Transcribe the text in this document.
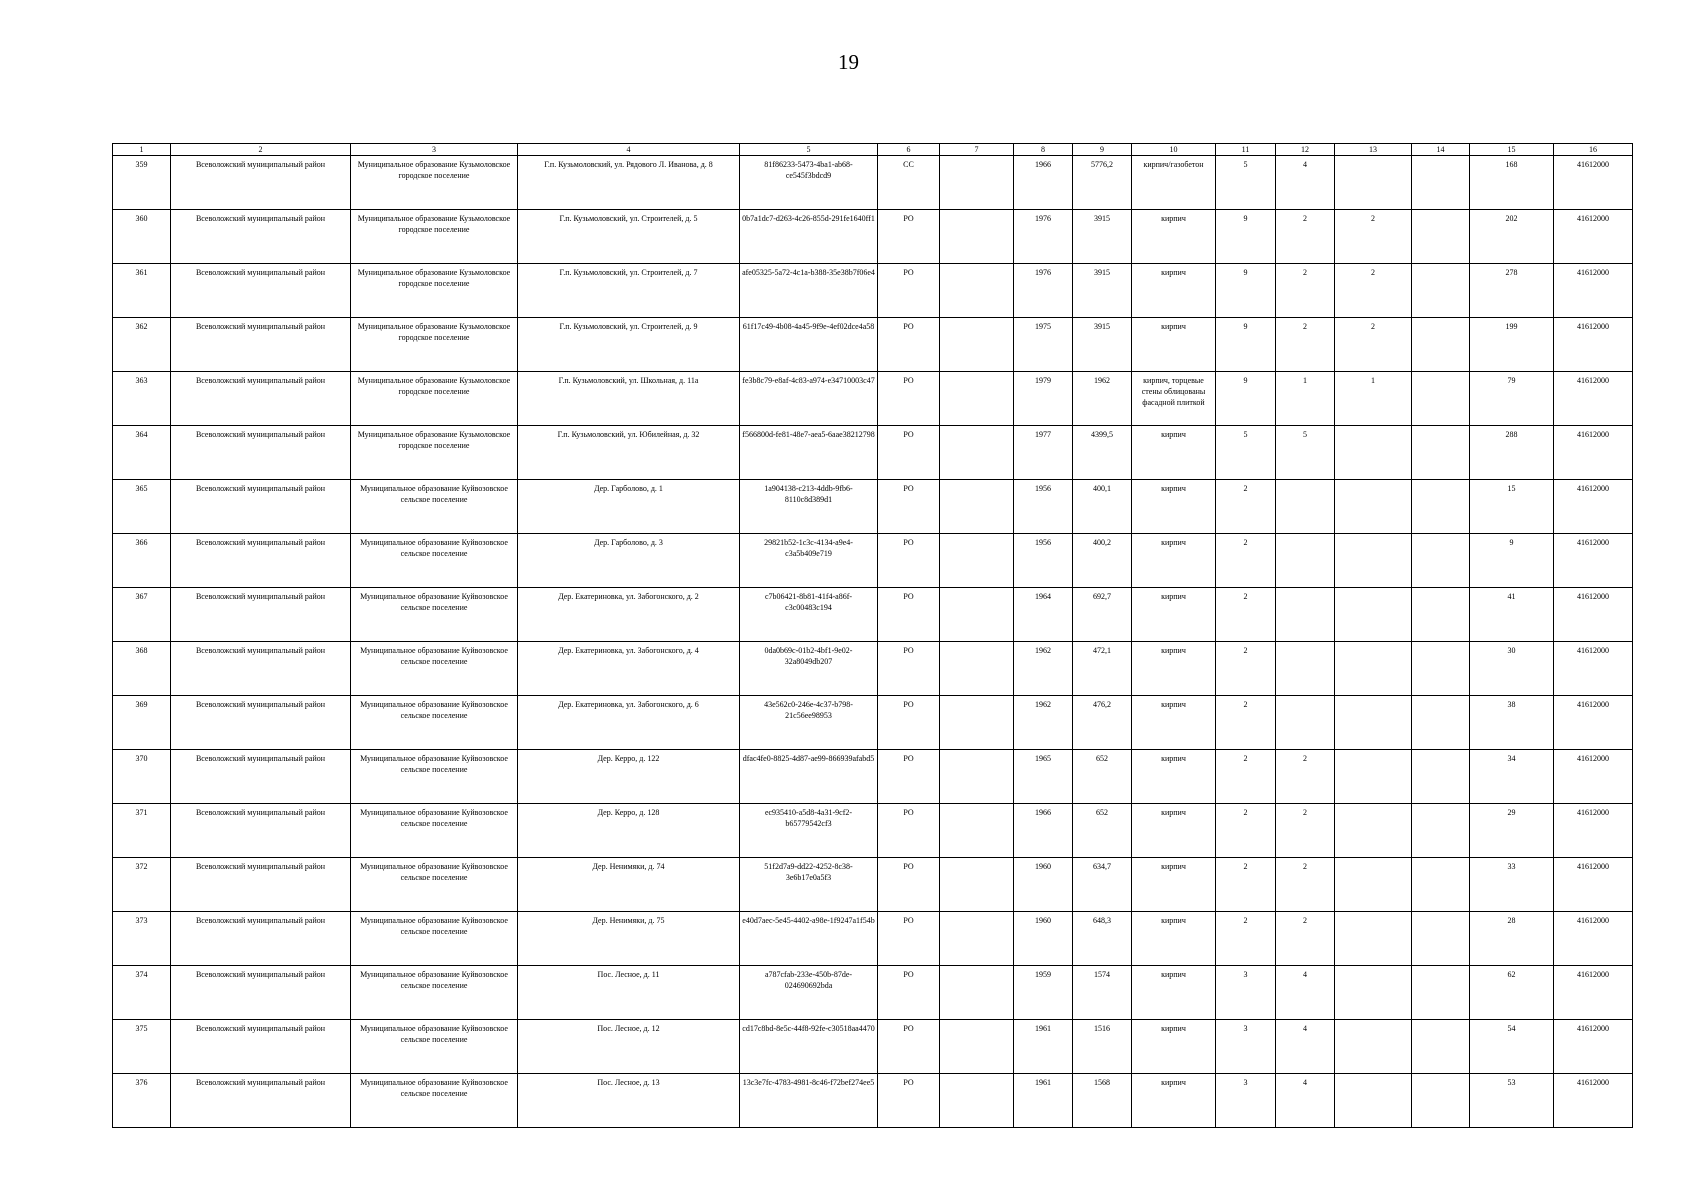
19
1	2	3	4	5	6	7	8	9	10	11	12	13	14	15	16
359	Всеволожский муниципальный район	Муниципальное образование Кузьмоловское городское поселение	Г.п. Кузьмоловский, ул. Рядового Л. Иванова, д. 8	81f86233-5473-4ba1-ab68-ce545f3bdcd9	СС		1966	5776,2	кирпич/газобетон	5	4			168	41612000
360	Всеволожский муниципальный район	Муниципальное образование Кузьмоловское городское поселение	Г.п. Кузьмоловский, ул. Строителей, д. 5	0b7a1dc7-d263-4c26-855d-291fe1640ff1	РО		1976	3915	кирпич	9	2	2		202	41612000
361	Всеволожский муниципальный район	Муниципальное образование Кузьмоловское городское поселение	Г.п. Кузьмоловский, ул. Строителей, д. 7	afe05325-5a72-4c1a-b388-35e38b7f06e4	РО		1976	3915	кирпич	9	2	2		278	41612000
362	Всеволожский муниципальный район	Муниципальное образование Кузьмоловское городское поселение	Г.п. Кузьмоловский, ул. Строителей, д. 9	61f17c49-4b08-4a45-9f9e-4ef02dce4a58	РО		1975	3915	кирпич	9	2	2		199	41612000
363	Всеволожский муниципальный район	Муниципальное образование Кузьмоловское городское поселение	Г.п. Кузьмоловский, ул. Школьная, д. 11а	fe3b8c79-e8af-4c83-a974-e34710003c47	РО		1979	1962	кирпич, торцевые стены облицованы фасадной плиткой	9	1	1		79	41612000
364	Всеволожский муниципальный район	Муниципальное образование Кузьмоловское городское поселение	Г.п. Кузьмоловский, ул. Юбилейная, д. 32	f566800d-fe81-48e7-aea5-6aae38212798	РО		1977	4399,5	кирпич	5	5			288	41612000
365	Всеволожский муниципальный район	Муниципальное образование Куйвозовское сельское поселение	Дер. Гарболово, д. 1	1a904138-c213-4ddb-9fb6-8110c8d389d1	РО		1956	400,1	кирпич	2				15	41612000
366	Всеволожский муниципальный район	Муниципальное образование Куйвозовское сельское поселение	Дер. Гарболово, д. 3	29821b52-1c3c-4134-a9e4-c3a5b409e719	РО		1956	400,2	кирпич	2				9	41612000
367	Всеволожский муниципальный район	Муниципальное образование Куйвозовское сельское поселение	Дер. Екатериновка, ул. Забогонского, д. 2	c7b06421-8b81-41f4-a86f-c3c00483c194	РО		1964	692,7	кирпич	2				41	41612000
368	Всеволожский муниципальный район	Муниципальное образование Куйвозовское сельское поселение	Дер. Екатериновка, ул. Забогонского, д. 4	0da0b69c-01b2-4bf1-9e02-32a8049db207	РО		1962	472,1	кирпич	2				30	41612000
369	Всеволожский муниципальный район	Муниципальное образование Куйвозовское сельское поселение	Дер. Екатериновка, ул. Забогонского, д. 6	43e562c0-246e-4c37-b798-21c56ee98953	РО		1962	476,2	кирпич	2				38	41612000
370	Всеволожский муниципальный район	Муниципальное образование Куйвозовское сельское поселение	Дер. Керро, д. 122	dfac4fe0-8825-4d87-ae99-866939afabd5	РО		1965	652	кирпич	2	2			34	41612000
371	Всеволожский муниципальный район	Муниципальное образование Куйвозовское сельское поселение	Дер. Керро, д. 128	ec935410-a5d8-4a31-9cf2-b65779542cf3	РО		1966	652	кирпич	2	2			29	41612000
372	Всеволожский муниципальный район	Муниципальное образование Куйвозовское сельское поселение	Дер. Ненимяки, д. 74	51f2d7a9-dd22-4252-8c38-3e6b17e0a5f3	РО		1960	634,7	кирпич	2	2			33	41612000
373	Всеволожский муниципальный район	Муниципальное образование Куйвозовское сельское поселение	Дер. Ненимяки, д. 75	e40d7aec-5e45-4402-a98e-1f9247a1f54b	РО		1960	648,3	кирпич	2	2			28	41612000
374	Всеволожский муниципальный район	Муниципальное образование Куйвозовское сельское поселение	Пос. Лесное, д. 11	a787cfab-233e-450b-87de-024690692bda	РО		1959	1574	кирпич	3	4			62	41612000
375	Всеволожский муниципальный район	Муниципальное образование Куйвозовское сельское поселение	Пос. Лесное, д. 12	cd17c8bd-8e5c-44f8-92fe-c30518aa4470	РО		1961	1516	кирпич	3	4			54	41612000
376	Всеволожский муниципальный район	Муниципальное образование Куйвозовское сельское поселение	Пос. Лесное, д. 13	13c3e7fc-4783-4981-8c46-f72bef274ee5	РО		1961	1568	кирпич	3	4			53	41612000
